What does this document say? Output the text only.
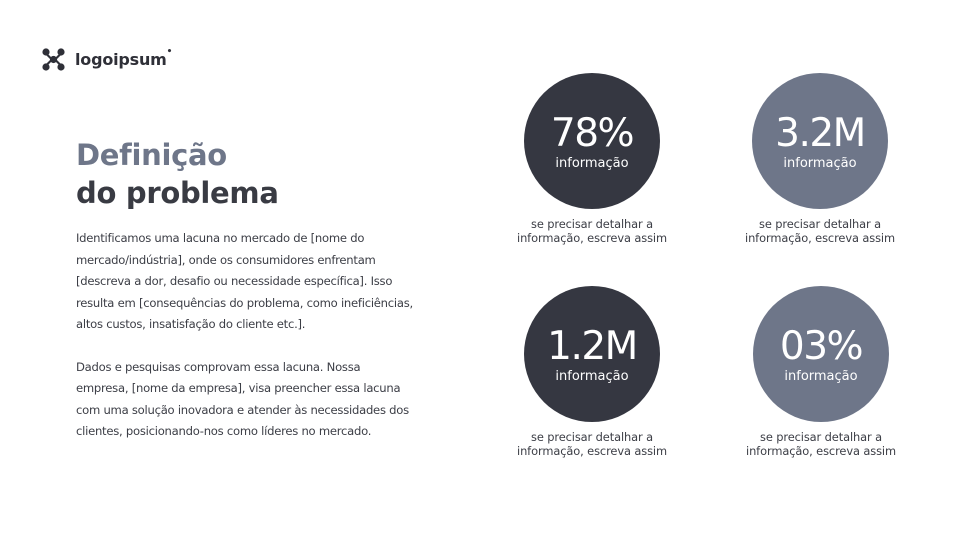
logoipsum•
Definição
do problema

Identificamos uma lacuna no mercado de [nome do mercado/indústria], onde os consumidores enfrentam [descreva a dor, desafio ou necessidade específica]. Isso resulta em [consequências do problema, como ineficiências, altos custos, insatisfação do cliente etc.].

Dados e pesquisas comprovam essa lacuna. Nossa empresa, [nome da empresa], visa preencher essa lacuna com uma solução inovadora e atender às necessidades dos clientes, posicionando-nos como líderes no mercado.

78%
informação
se precisar detalhar a
informação, escreva assim
3.2M
informação
se precisar detalhar a
informação, escreva assim
1.2M
informação
se precisar detalhar a
informação, escreva assim
03%
informação
se precisar detalhar a
informação, escreva assim
